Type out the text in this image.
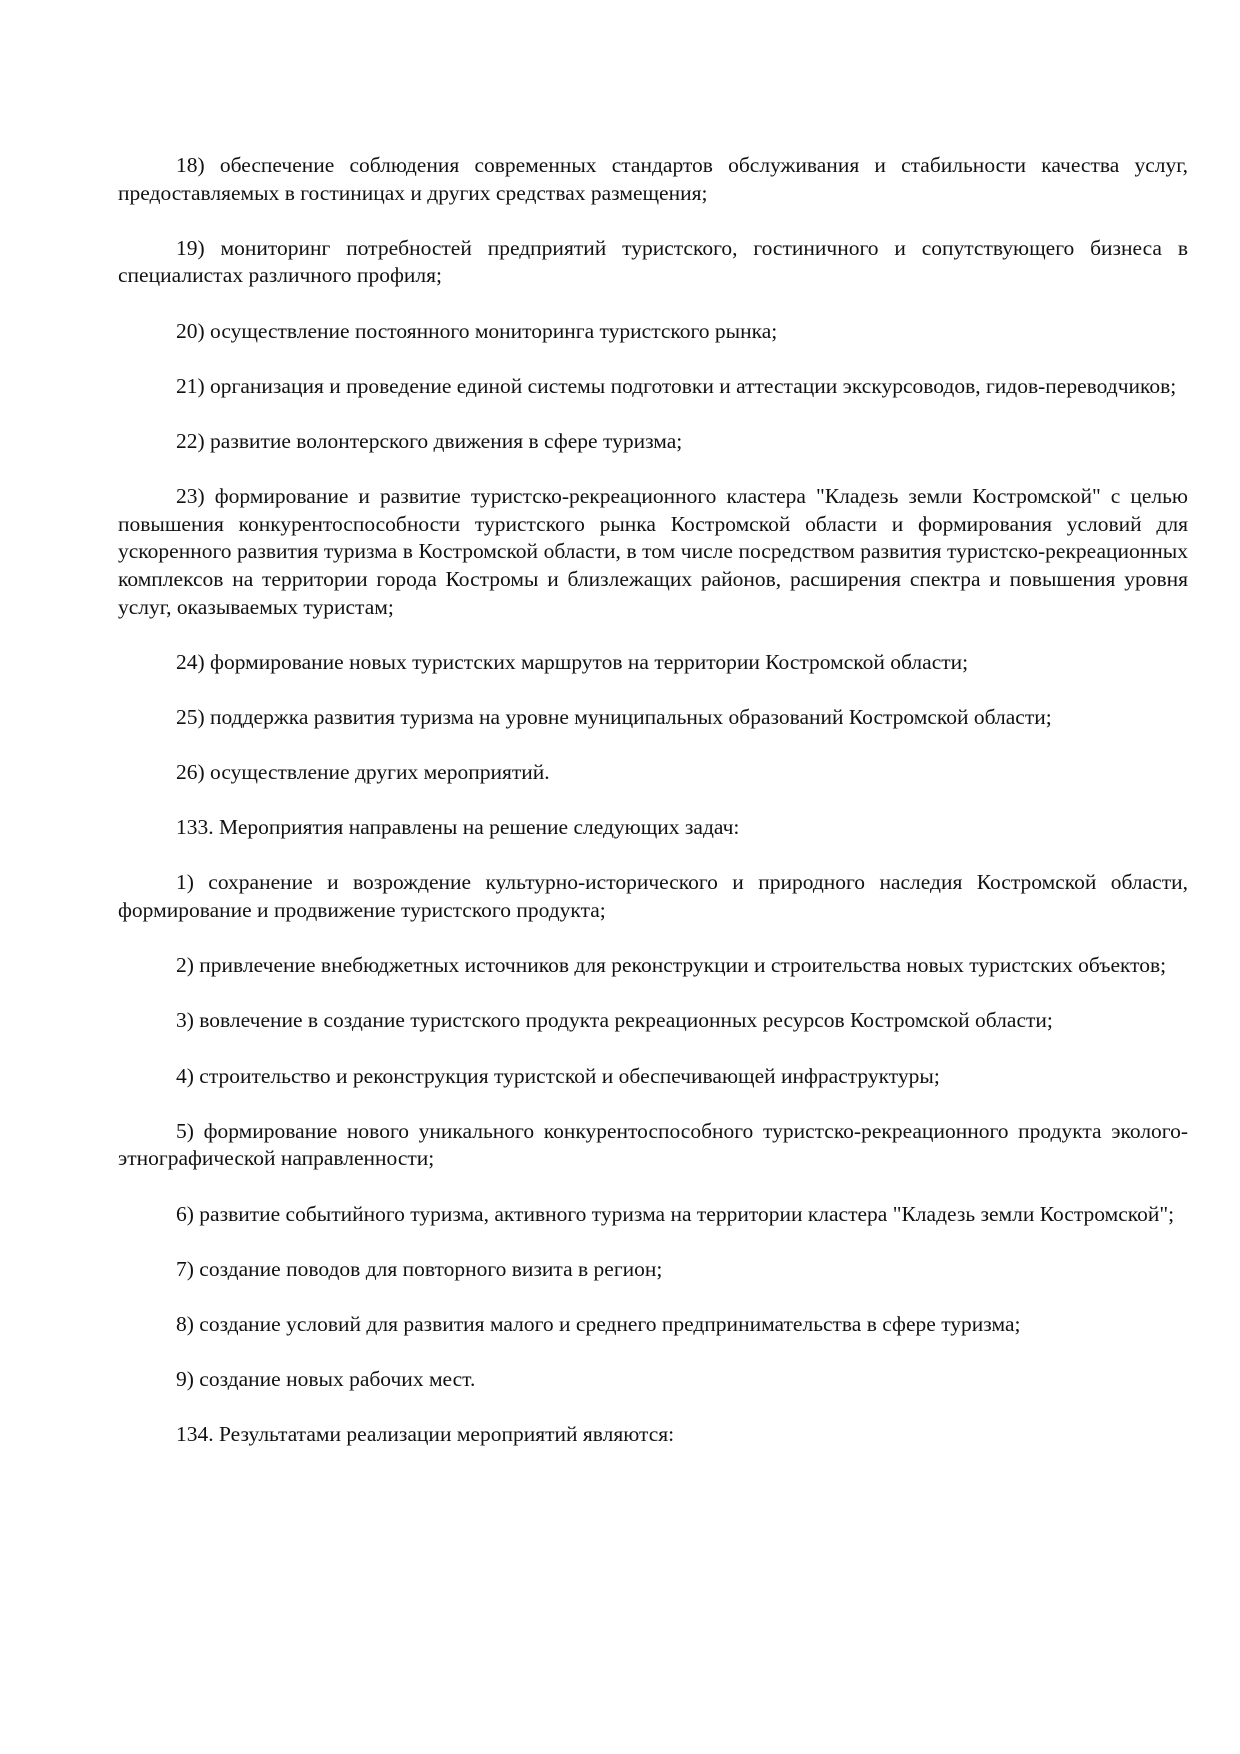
18) обеспечение соблюдения современных стандартов обслуживания и стабильности качества услуг, предоставляемых в гостиницах и других средствах размещения;

19) мониторинг потребностей предприятий туристского, гостиничного и сопутствующего бизнеса в специалистах различного профиля;

20) осуществление постоянного мониторинга туристского рынка;

21) организация и проведение единой системы подготовки и аттестации экскурсоводов, гидов-переводчиков;

22) развитие волонтерского движения в сфере туризма;

23) формирование и развитие туристско-рекреационного кластера "Кладезь земли Костромской" с целью повышения конкурентоспособности туристского рынка Костромской области и формирования условий для ускоренного развития туризма в Костромской области, в том числе посредством развития туристско-рекреационных комплексов на территории города Костромы и близлежащих районов, расширения спектра и повышения уровня услуг, оказываемых туристам;

24) формирование новых туристских маршрутов на территории Костромской области;

25) поддержка развития туризма на уровне муниципальных образований Костромской области;

26) осуществление других мероприятий.

133. Мероприятия направлены на решение следующих задач:

1) сохранение и возрождение культурно-исторического и природного наследия Костромской области, формирование и продвижение туристского продукта;

2) привлечение внебюджетных источников для реконструкции и строительства новых туристских объектов;

3) вовлечение в создание туристского продукта рекреационных ресурсов Костромской области;

4) строительство и реконструкция туристской и обеспечивающей инфраструктуры;

5) формирование нового уникального конкурентоспособного туристско-рекреационного продукта эколого-этнографической направленности;

6) развитие событийного туризма, активного туризма на территории кластера "Кладезь земли Костромской";

7) создание поводов для повторного визита в регион;

8) создание условий для развития малого и среднего предпринимательства в сфере туризма;

9) создание новых рабочих мест.

134. Результатами реализации мероприятий являются:
